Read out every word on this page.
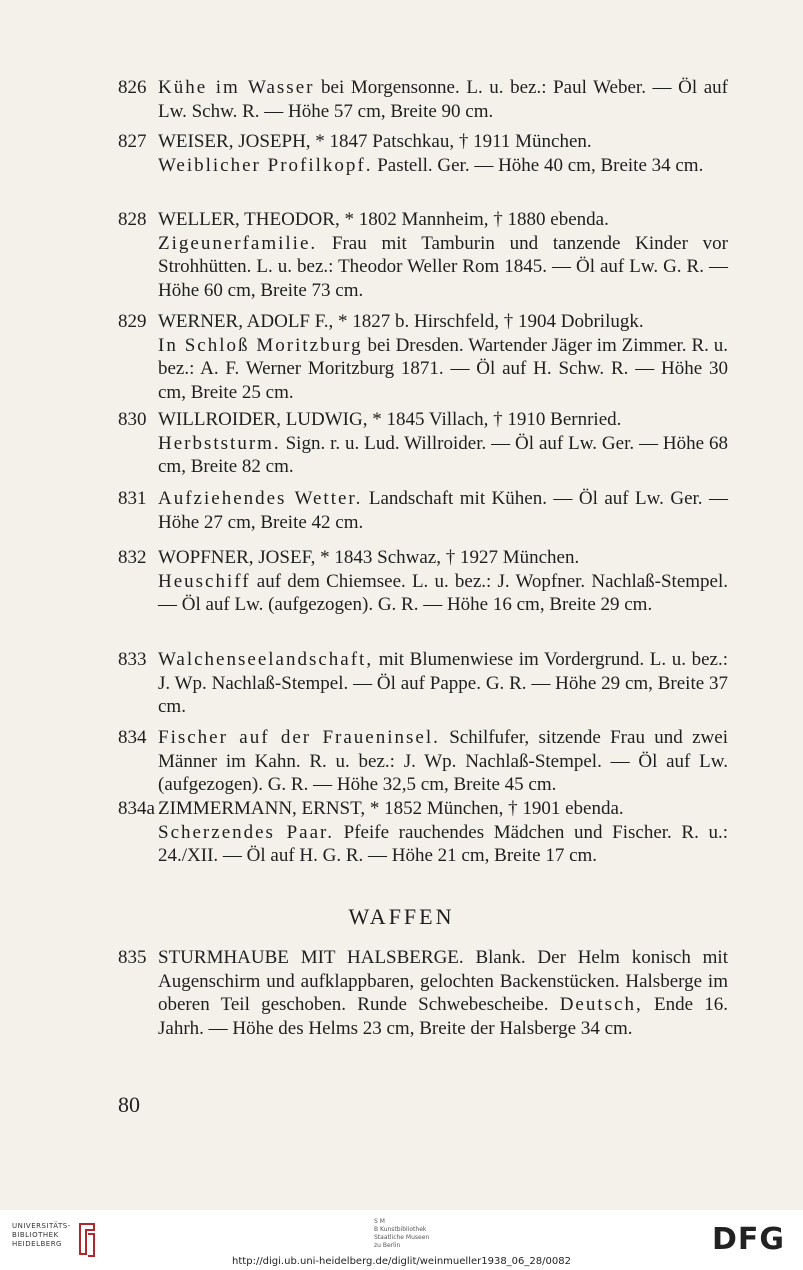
826 Kühe im Wasser bei Morgensonne. L. u. bez.: Paul Weber. — Öl auf Lw. Schw. R. — Höhe 57 cm, Breite 90 cm.
827 WEISER, JOSEPH, * 1847 Patschkau, † 1911 München.
Weiblicher Profilkopf. Pastell. Ger. — Höhe 40 cm, Breite 34 cm.
828 WELLER, THEODOR, * 1802 Mannheim, † 1880 ebenda.
Zigeunerfamilie. Frau mit Tamburin und tanzende Kinder vor Strohhütten. L. u. bez.: Theodor Weller Rom 1845. — Öl auf Lw. G. R. — Höhe 60 cm, Breite 73 cm.
829 WERNER, ADOLF F., * 1827 b. Hirschfeld, † 1904 Dobrilugk.
In Schloß Moritzburg bei Dresden. Wartender Jäger im Zimmer. R. u. bez.: A. F. Werner Moritzburg 1871. — Öl auf H. Schw. R. — Höhe 30 cm, Breite 25 cm.
830 WILLROIDER, LUDWIG, * 1845 Villach, † 1910 Bernried.
Herbststurm. Sign. r. u. Lud. Willroider. — Öl auf Lw. Ger. — Höhe 68 cm, Breite 82 cm.
831 Aufziehendes Wetter. Landschaft mit Kühen. — Öl auf Lw. Ger. — Höhe 27 cm, Breite 42 cm.
832 WOPFNER, JOSEF, * 1843 Schwaz, † 1927 München.
Heuschiff auf dem Chiemsee. L. u. bez.: J. Wopfner. Nachlaß-Stempel. — Öl auf Lw. (aufgezogen). G. R. — Höhe 16 cm, Breite 29 cm.
833 Walchenseelandschaft, mit Blumenwiese im Vordergrund. L. u. bez.: J. Wp. Nachlaß-Stempel. — Öl auf Pappe. G. R. — Höhe 29 cm, Breite 37 cm.
834 Fischer auf der Fraueninsel. Schilfufer, sitzende Frau und zwei Männer im Kahn. R. u. bez.: J. Wp. Nachlaß-Stempel. — Öl auf Lw. (aufgezogen). G. R. — Höhe 32,5 cm, Breite 45 cm.
834a ZIMMERMANN, ERNST, * 1852 München, † 1901 ebenda.
Scherzendes Paar. Pfeife rauchendes Mädchen und Fischer. R. u.: 24./XII. — Öl auf H. G. R. — Höhe 21 cm, Breite 17 cm.
WAFFEN
835 STURMHAUBE MIT HALSBERGE. Blank. Der Helm konisch mit Augenschirm und aufklappbaren, gelochten Backenstücken. Halsberge im oberen Teil geschoben. Runde Schwebescheibe. Deutsch, Ende 16. Jahrh. — Höhe des Helms 23 cm, Breite der Halsberge 34 cm.
80
UNIVERSITÄTS-
BIBLIOTHEK
HEIDELBERG
S M
B Kunstbibliothek
Staatliche Museen
zu Berlin	DFG
http://digi.ub.uni-heidelberg.de/diglit/weinmueller1938_06_28/0082
